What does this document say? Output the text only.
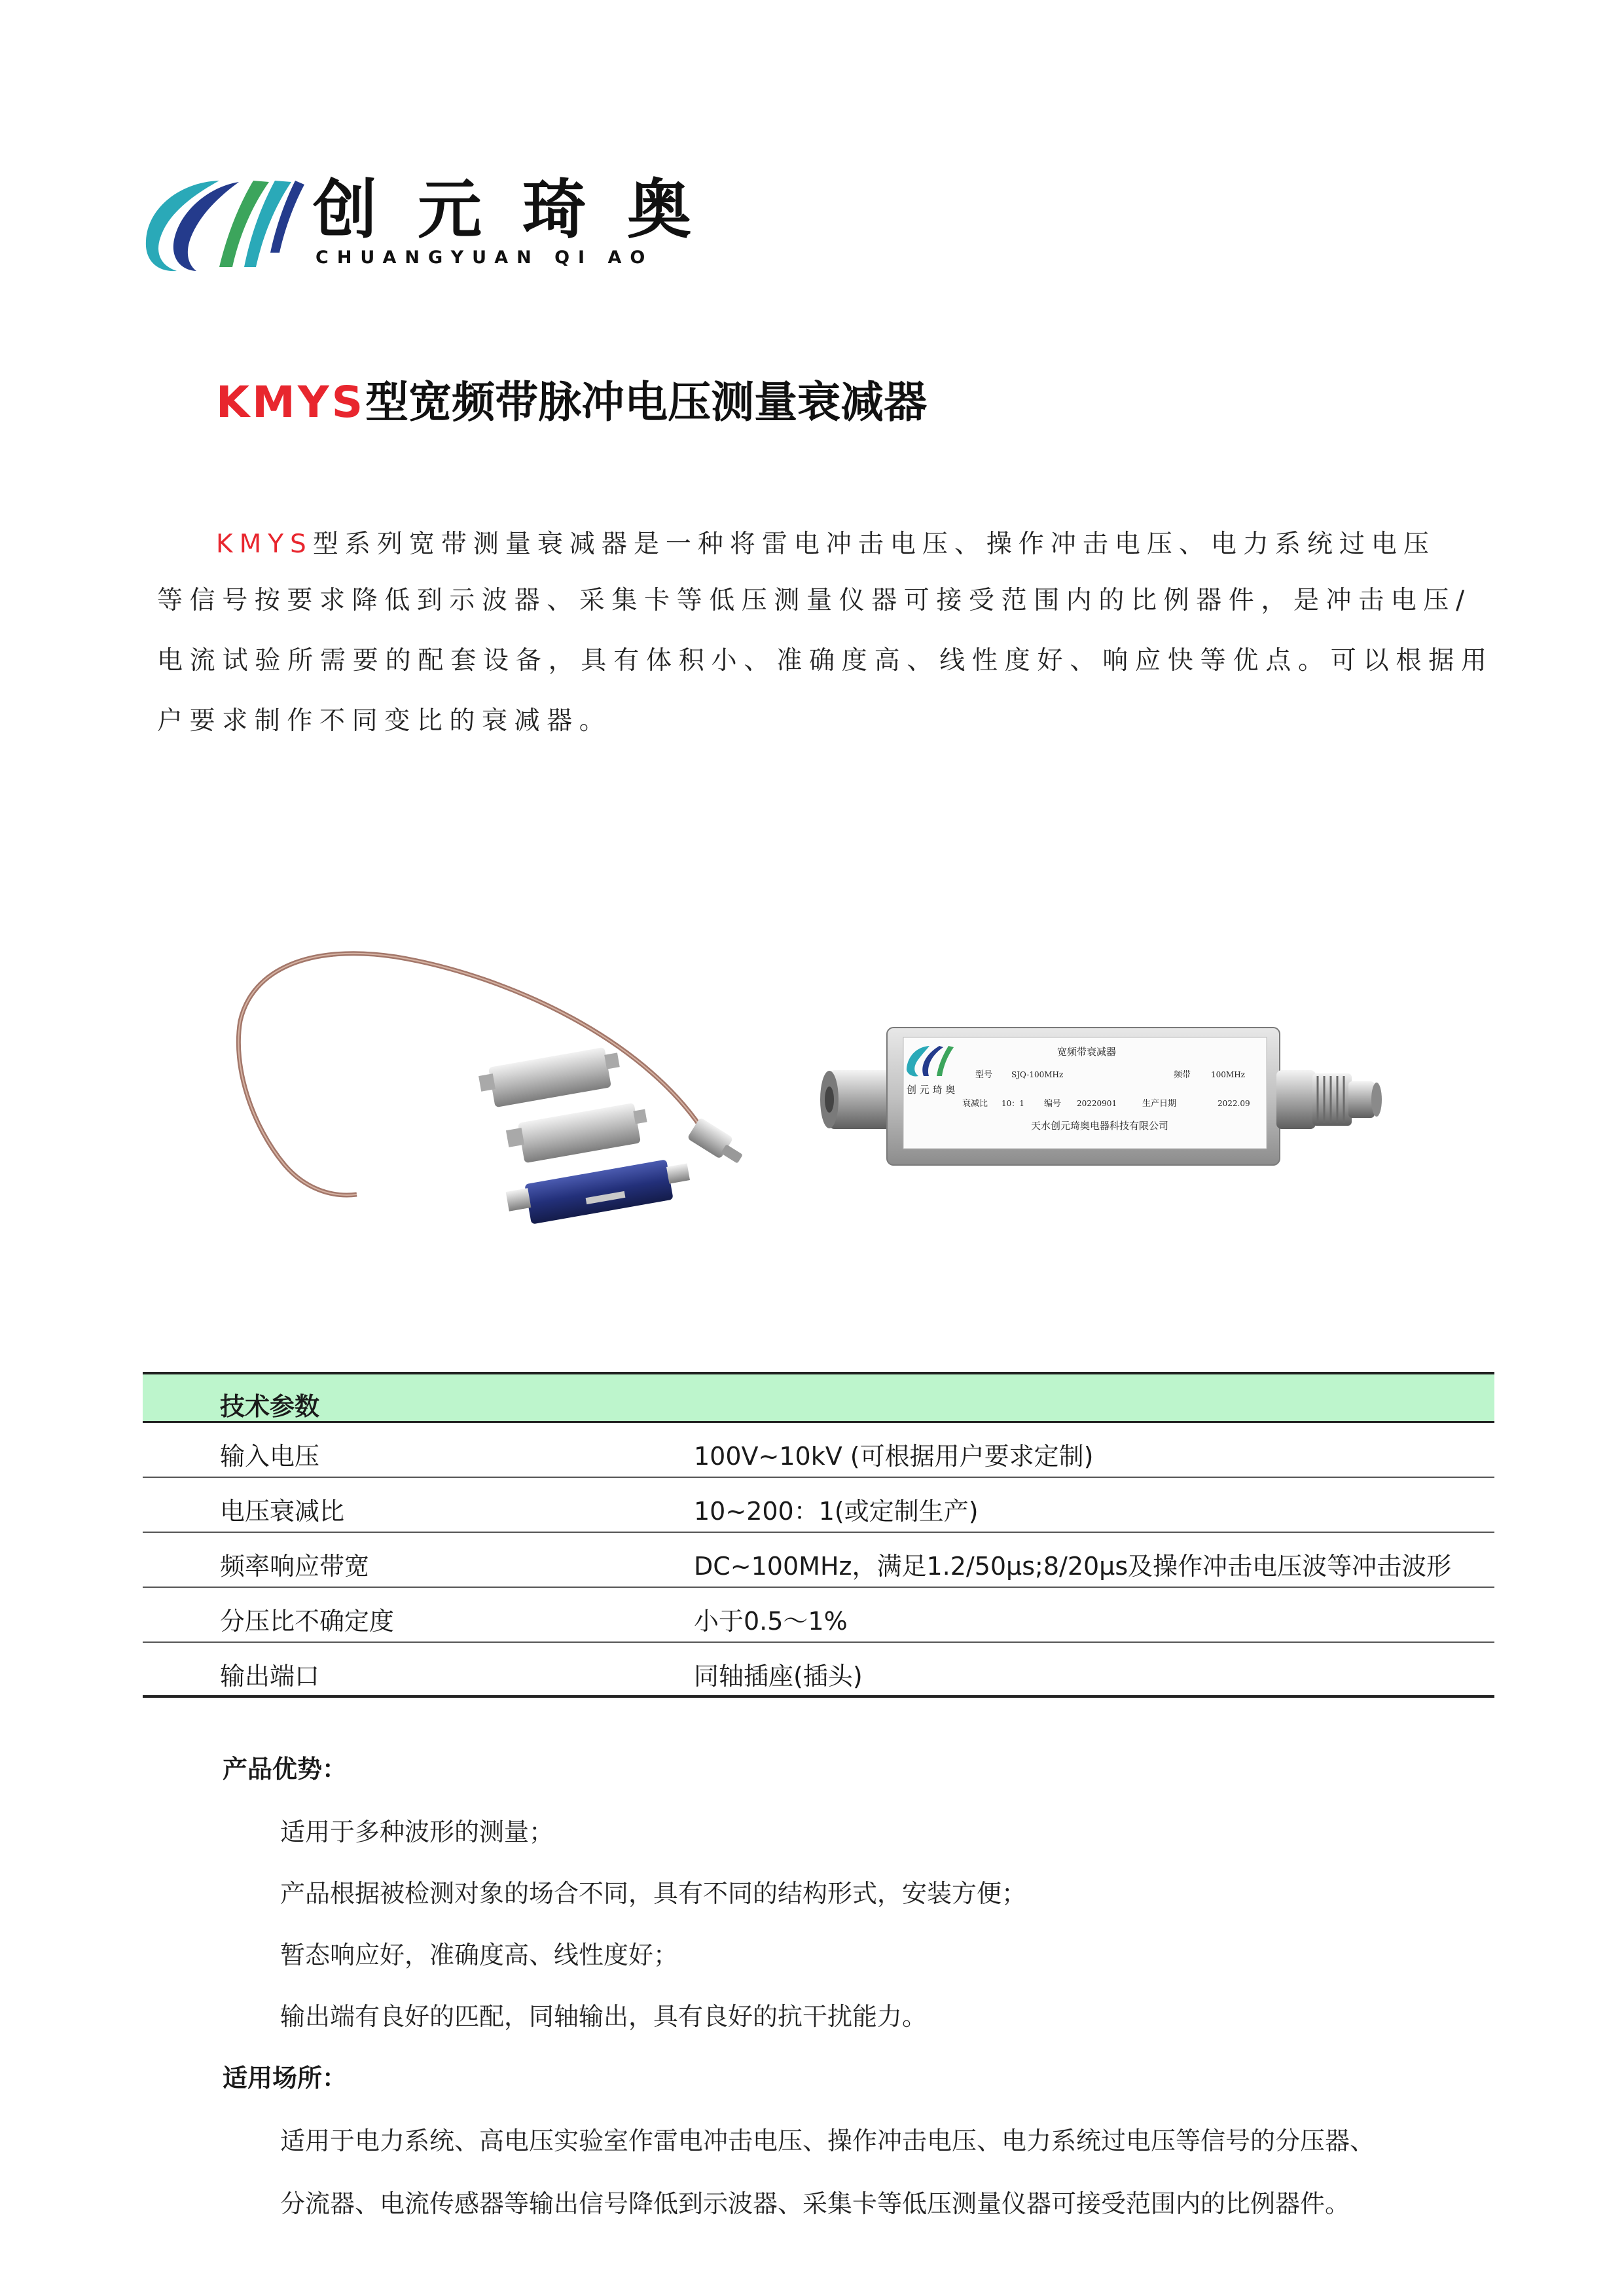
创元琦奥
CHUANGYUAN QI AO
KMYS型宽频带脉冲电压测量衰减器
KMYS型系列宽带测量衰减器是一种将雷电冲击电压、操作冲击电压、电力系统过电压
等信号按要求降低到示波器、采集卡等低压测量仪器可接受范围内的比例器件，是冲击电压/
电流试验所需要的配套设备，具有体积小、准确度高、线性度好、响应快等优点。可以根据用
户要求制作不同变比的衰减器。
创 元 琦 奥
宽频带衰减器
型号 SJQ-100MHz	频带	100MHz
衰减比 10：1 编号 20220901	生产日期	2022.09
天水创元琦奥电器科技有限公司
技术参数
输入电压	100V~10kV (可根据用户要求定制)
电压衰减比	10~200：1(或定制生产)
频率响应带宽	DC~100MHz，满足1.2/50μs;8/20μs及操作冲击电压波等冲击波形
分压比不确定度	小于0.5～1%
输出端口	同轴插座(插头)
产品优势：
适用于多种波形的测量；
产品根据被检测对象的场合不同，具有不同的结构形式，安装方便；
暂态响应好，准确度高、线性度好；
输出端有良好的匹配，同轴输出，具有良好的抗干扰能力。
适用场所：
适用于电力系统、高电压实验室作雷电冲击电压、操作冲击电压、电力系统过电压等信号的分压器、
分流器、电流传感器等输出信号降低到示波器、采集卡等低压测量仪器可接受范围内的比例器件。
